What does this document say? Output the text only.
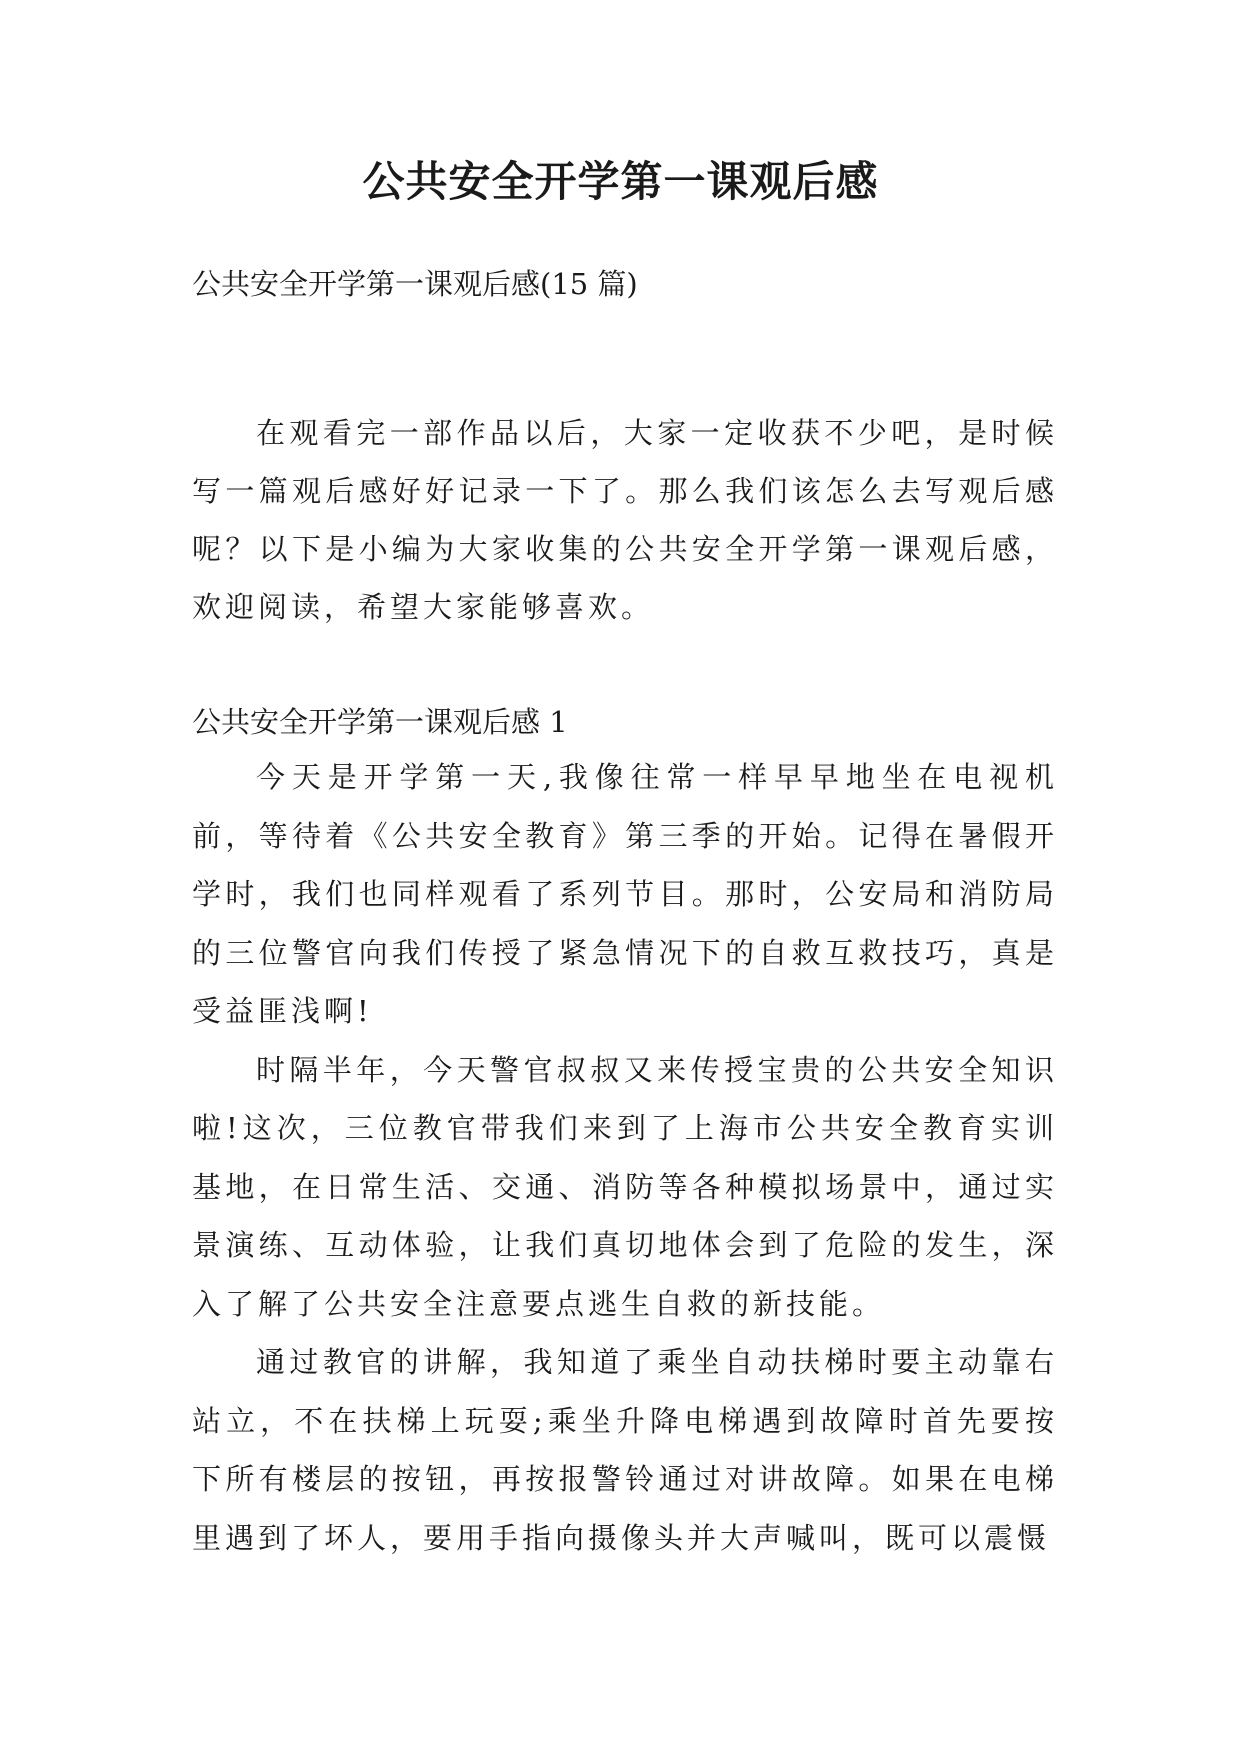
公共安全开学第一课观后感

公共安全开学第一课观后感(15 篇)

在观看完一部作品以后，大家一定收获不少吧，是时候写一篇观后感好好记录一下了。那么我们该怎么去写观后感呢？以下是小编为大家收集的公共安全开学第一课观后感，欢迎阅读，希望大家能够喜欢。

公共安全开学第一课观后感 1

今天是开学第一天,我像往常一样早早地坐在电视机前，等待着《公共安全教育》第三季的开始。记得在暑假开学时，我们也同样观看了系列节目。那时，公安局和消防局的三位警官向我们传授了紧急情况下的自救互救技巧，真是受益匪浅啊!

时隔半年，今天警官叔叔又来传授宝贵的公共安全知识啦!这次，三位教官带我们来到了上海市公共安全教育实训基地，在日常生活、交通、消防等各种模拟场景中，通过实景演练、互动体验，让我们真切地体会到了危险的发生，深入了解了公共安全注意要点逃生自救的新技能。

通过教官的讲解，我知道了乘坐自动扶梯时要主动靠右站立，不在扶梯上玩耍;乘坐升降电梯遇到故障时首先要按下所有楼层的按钮，再按报警铃通过对讲故障。如果在电梯里遇到了坏人，要用手指向摄像头并大声喊叫，既可以震慑
